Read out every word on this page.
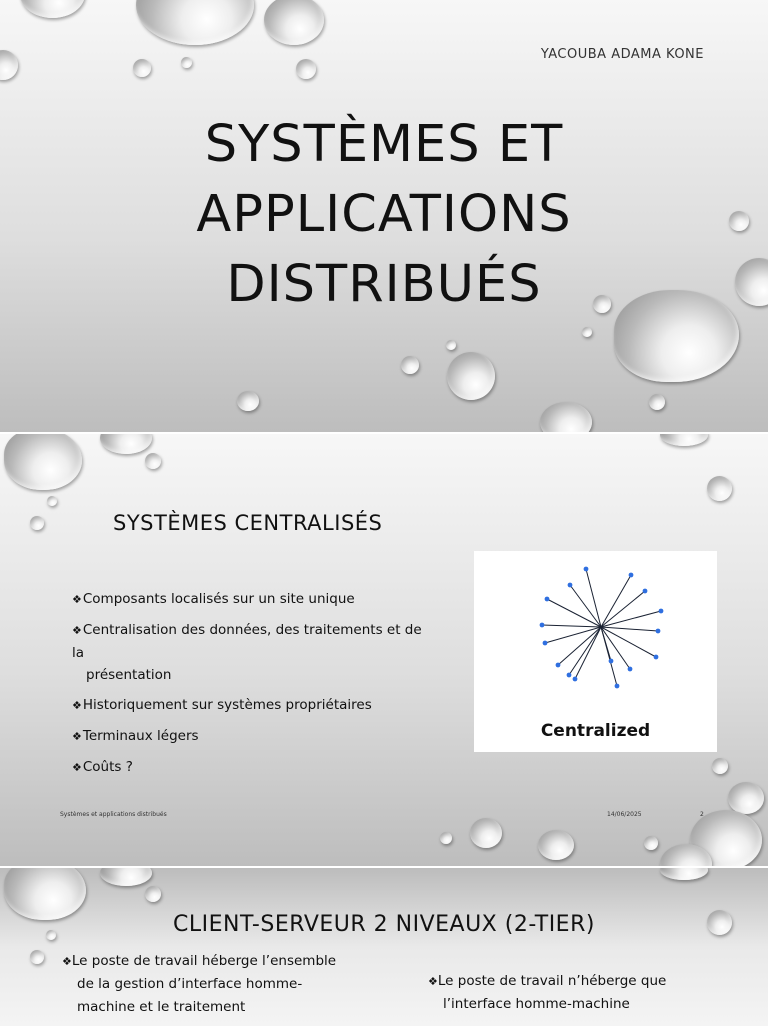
YACOUBA ADAMA KONE
SYSTÈMES ET
APPLICATIONS
DISTRIBUÉS
SYSTÈMES CENTRALISÉS
❖Composants localisés sur un site unique
❖Centralisation des données, des traitements et de la
présentation
❖Historiquement sur systèmes propriétaires
❖Terminaux légers
❖Coûts ?
Centralized
Systèmes et applications distribués	14/06/2025	2
CLIENT-SERVEUR 2 NIVEAUX (2-TIER)
❖Le poste de travail héberge l’ensemble
de la gestion d’interface homme-
machine et le traitement
❖Le poste de travail n’héberge que
l’interface homme-machine
